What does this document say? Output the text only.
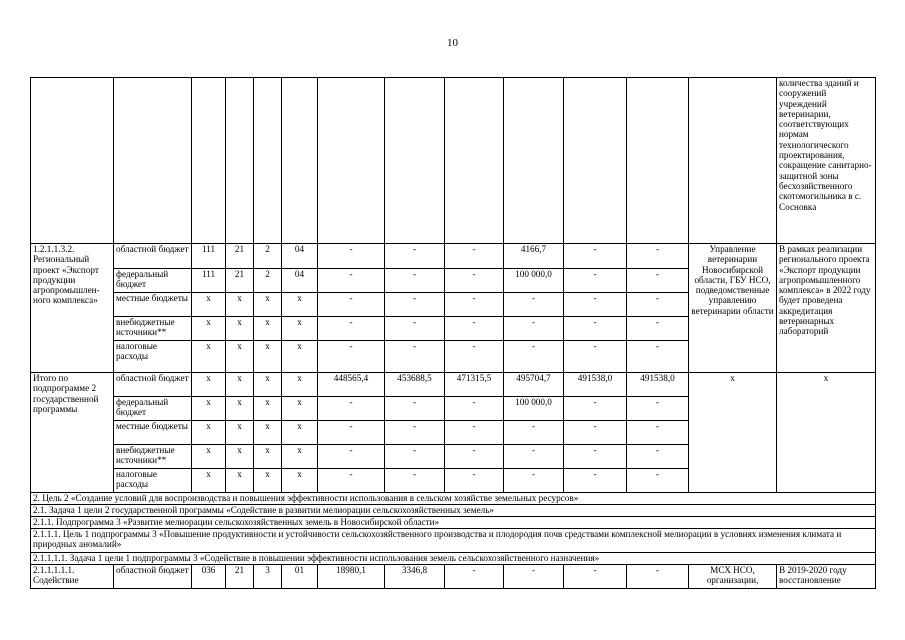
10
													количества зданий и сооружений учреждений ветеринарии, соответствующих нормам технологического проектирования, сокращение санитарно-защитной зоны бесхозяйственного скотомогильника в с. Сосновка
1.2.1.1.3.2. Региональный проект «Экспорт продукции агропромышлен-ного комплекса»	областной бюджет	111	21	2	04	-	-	-	4166,7	-	-	Управление ветеринарии Новосибирской области, ГБУ НСО, подведомственные управлению ветеринарии области	В рамках реализации регионального проекта «Экспорт продукции агропромышленного комплекса» в 2022 году будет проведена аккредитация ветеринарных лабораторий
	федеральный бюджет	111	21	2	04	-	-	-	100 000,0	-	-		
	местные бюджеты	x	x	x	x	-	-	-	-	-	-		
	внебюджетные источники**	x	x	x	x	-	-	-	-	-	-		
	налоговые расходы	x	x	x	x	-	-	-	-	-	-		
Итого по подпрограмме 2 государственной программы	областной бюджет	x	x	x	x	448565,4	453688,5	471315,5	495704,7	491538,0	491538,0	x	x
	федеральный бюджет	x	x	x	x	-	-	-	100 000,0	-	-		
	местные бюджеты	x	x	x	x	-	-	-	-	-	-		
	внебюджетные источники**	x	x	x	x	-	-	-	-	-	-		
	налоговые расходы	x	x	x	x	-	-	-	-	-	-		
2. Цель 2 «Создание условий для воспроизводства и повышения эффективности использования в сельском хозяйстве земельных ресурсов»													
2.1. Задача 1 цели 2 государственной программы «Содействие в развитии мелиорации сельскохозяйственных земель»													
2.1.1. Подпрограмма 3 «Развитие мелиорации сельскохозяйственных земель в Новосибирской области»													
2.1.1.1. Цель 1 подпрограммы 3 «Повышение продуктивности и устойчивости сельскохозяйственного производства и плодородия почв средствами комплексной мелиорации в условиях изменения климата и природных аномалий»													
2.1.1.1.1. Задача 1 цели 1 подпрограммы 3 «Содействие в повышении эффективности использования земель сельскохозяйственного назначения»													
2.1.1.1.1.1. Содействие	областной бюджет	036	21	3	01	18980,1	3346,8	-	-	-	-	МСХ НСО, организации,	В 2019-2020 году восстановление
